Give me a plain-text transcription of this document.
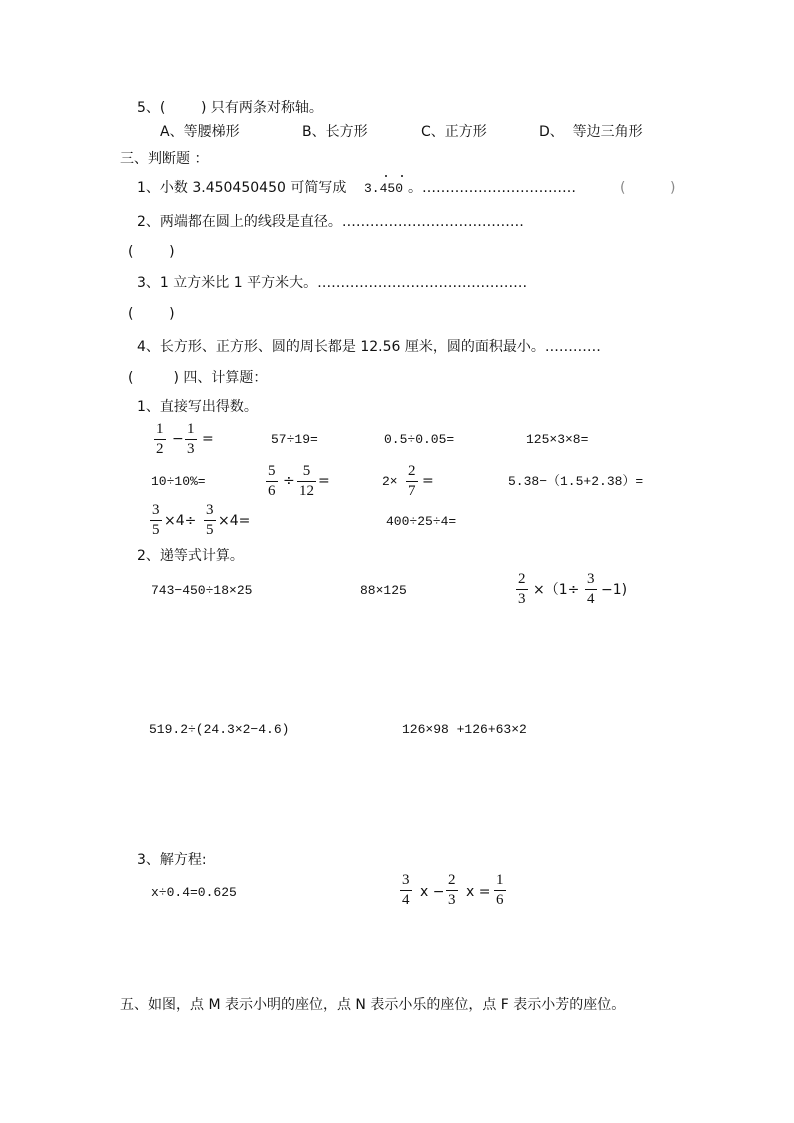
5、(        ) 只有两条对称轴。
A、等腰梯形	B、长方形	C、正方形	D、  等边三角形
三、判断题 ：
1、小数 3.450450450 可简写成 3.450 。……………………………	(          )
2、两端都在圆上的线段是直径。…………………………………
(        )
3、1 立方米比 1 平方米大。………………………………………
(        )
4、长方形、正方形、圆的周长都是 12.56 厘米，圆的面积最小。…………
(         ) 四、计算题：
1、直接写出得数。
1
2
−
1
3
=	57÷19=	0.5÷0.05=	125×3×8=
10÷10%=
5
6
÷
5
12
=	2×
2
7
=	5.38−（1.5+2.38）=
3
5
×4÷
3
5
×4=	400÷25÷4=
2、递等式计算。
743−450÷18×25	88×125
2
3
×（1÷
3
4
−1)
519.2÷(24.3×2−4.6)	126×98 +126+63×2
3、解方程:
x÷0.4=0.625
3
4 x −
2
3 x =
1
6
五、如图，点 M 表示小明的座位，点 N 表示小乐的座位，点 F 表示小芳的座位。
